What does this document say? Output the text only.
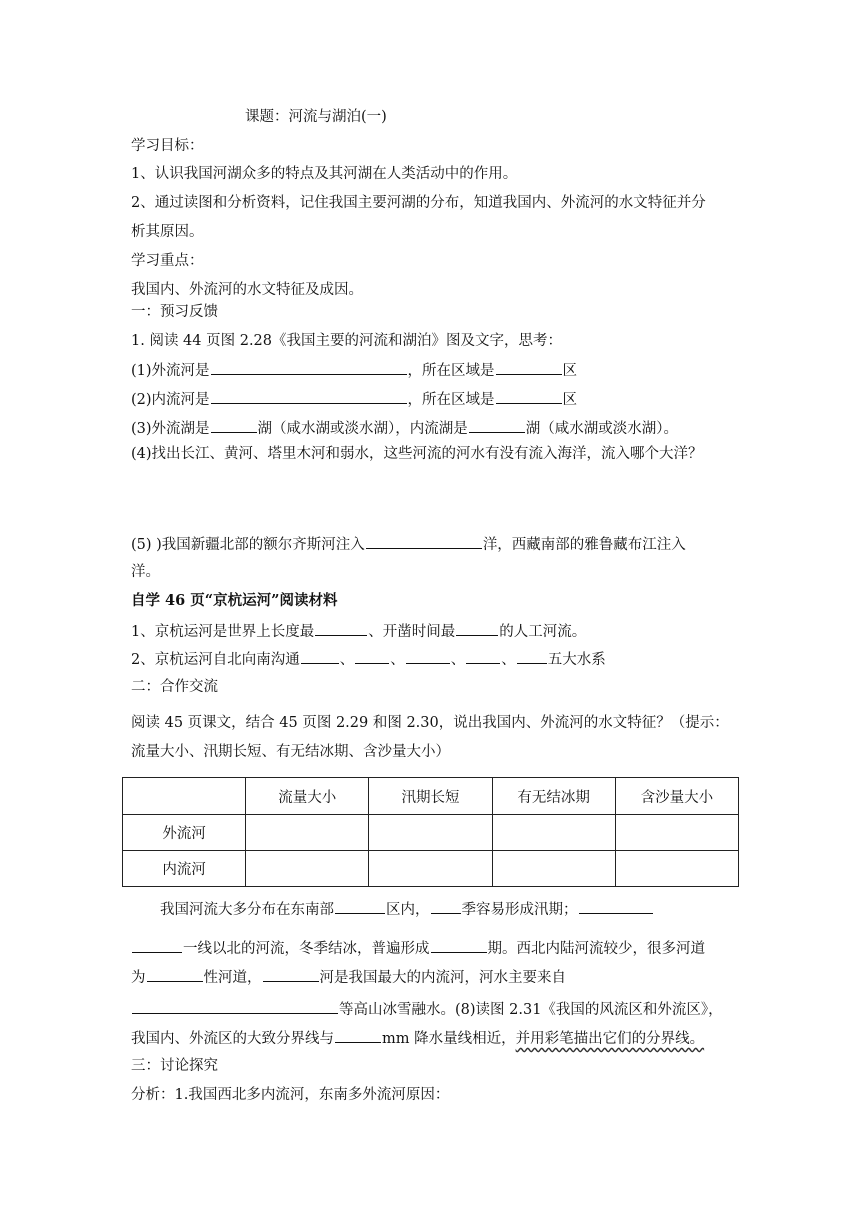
课题：河流与湖泊(一)
学习目标：
1、认识我国河湖众多的特点及其河湖在人类活动中的作用。
2、通过读图和分析资料，记住我国主要河湖的分布，知道我国内、外流河的水文特征并分
析其原因。
学习重点：
我国内、外流河的水文特征及成因。
一：预习反馈
1. 阅读 44 页图 2.28《我国主要的河流和湖泊》图及文字，思考：
(1)外流河是	，所在区域是	区
(2)内流河是	，所在区域是	区
(3)外流湖是	湖（咸水湖或淡水湖），内流湖是	湖（咸水湖或淡水湖）。
(4)找出长江、黄河、塔里木河和弱水，这些河流的河水有没有流入海洋，流入哪个大洋？
(5) )我国新疆北部的额尔齐斯河注入	洋，西藏南部的雅鲁藏布江注入
洋。
自学 46 页“京杭运河”阅读材料
1、京杭运河是世界上长度最	、开凿时间最	的人工河流。
2、京杭运河自北向南沟通	、 、	、 、 五大水系
二：合作交流
阅读 45 页课文，结合 45 页图 2.29 和图 2.30，说出我国内、外流河的水文特征？（提示：
流量大小、汛期长短、有无结冰期、含沙量大小）
	流量大小	汛期长短	有无结冰期	含沙量大小
外流河				
内流河				
我国河流大多分布在东南部	区内， 季容易形成汛期；
一线以北的河流，冬季结冰，普遍形成	期。西北内陆河流较少，很多河道
为	性河道，	河是我国最大的内流河，河水主要来自
等高山冰雪融水。(8)读图 2.31《我国的风流区和外流区》，
我国内、外流区的大致分界线与	mm 降水量线相近，并用彩笔描出它们的分界线。
三：讨论探究
分析：1.我国西北多内流河，东南多外流河原因：
